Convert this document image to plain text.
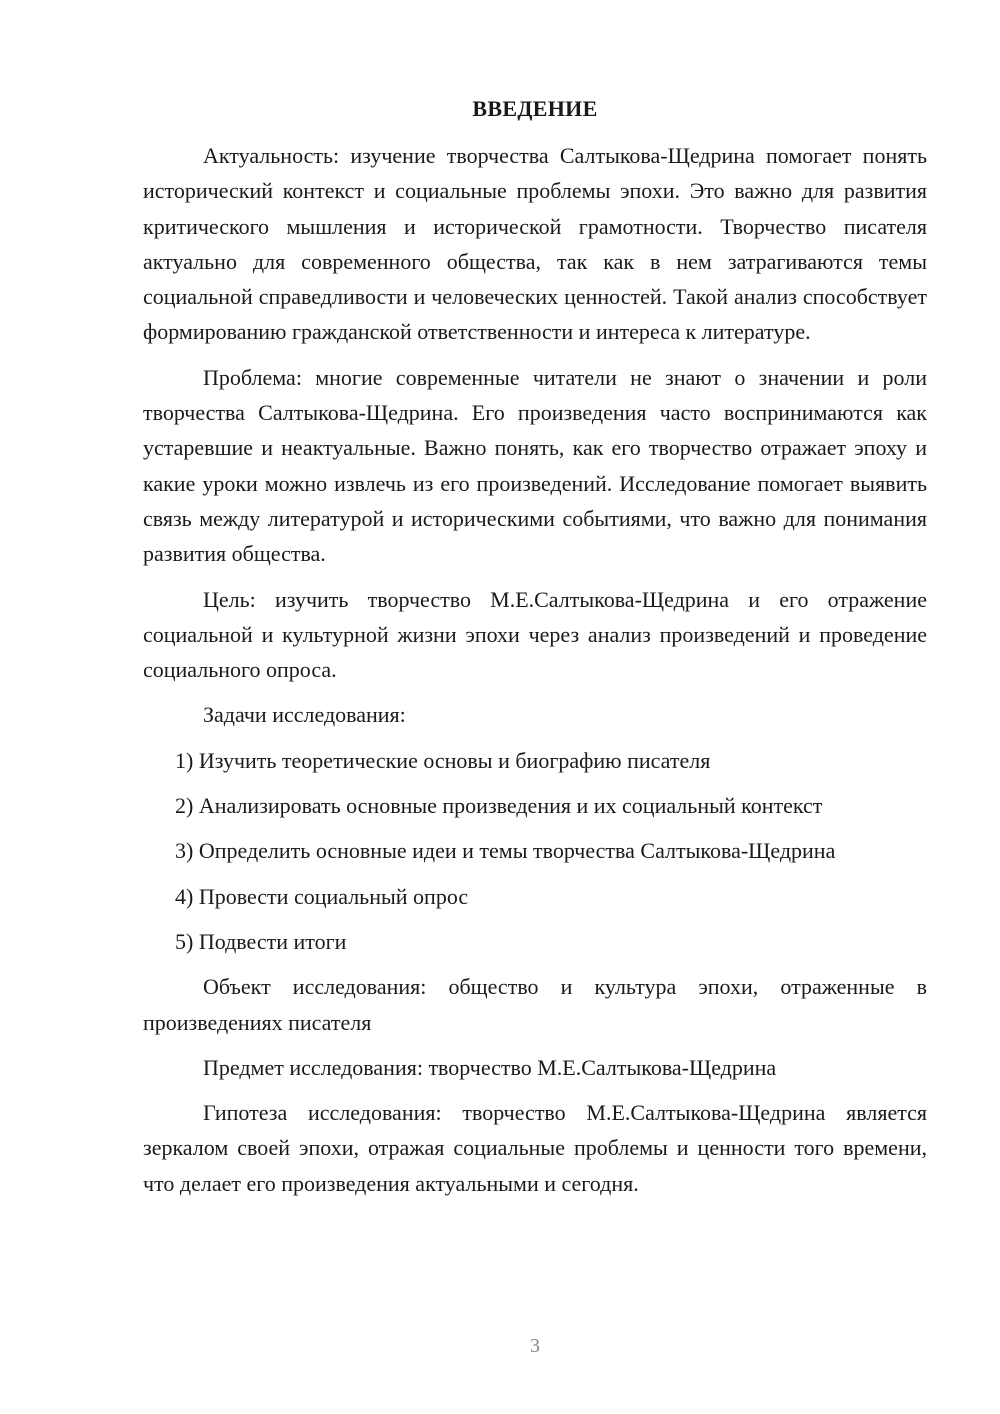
ВВЕДЕНИЕ

Актуальность: изучение творчества Салтыкова-Щедрина помогает понять исторический контекст и социальные проблемы эпохи. Это важно для развития критического мышления и исторической грамотности. Творчество писателя актуально для современного общества, так как в нем затрагиваются темы социальной справедливости и человеческих ценностей. Такой анализ способствует формированию гражданской ответственности и интереса к литературе.

Проблема: многие современные читатели не знают о значении и роли творчества Салтыкова-Щедрина. Его произведения часто воспринимаются как устаревшие и неактуальные. Важно понять, как его творчество отражает эпоху и какие уроки можно извлечь из его произведений. Исследование помогает выявить связь между литературой и историческими событиями, что важно для понимания развития общества.

Цель: изучить творчество М.Е.Салтыкова-Щедрина и его отражение социальной и культурной жизни эпохи через анализ произведений и проведение социального опроса.

Задачи исследования:

1) Изучить теоретические основы и биографию писателя
2) Анализировать основные произведения и их социальный контекст
3) Определить основные идеи и темы творчества Салтыкова-Щедрина
4) Провести социальный опрос
5) Подвести итоги

Объект исследования: общество и культура эпохи, отраженные в произведениях писателя

Предмет исследования: творчество М.Е.Салтыкова-Щедрина

Гипотеза исследования: творчество М.Е.Салтыкова-Щедрина является зеркалом своей эпохи, отражая социальные проблемы и ценности того времени, что делает его произведения актуальными и сегодня.

3
